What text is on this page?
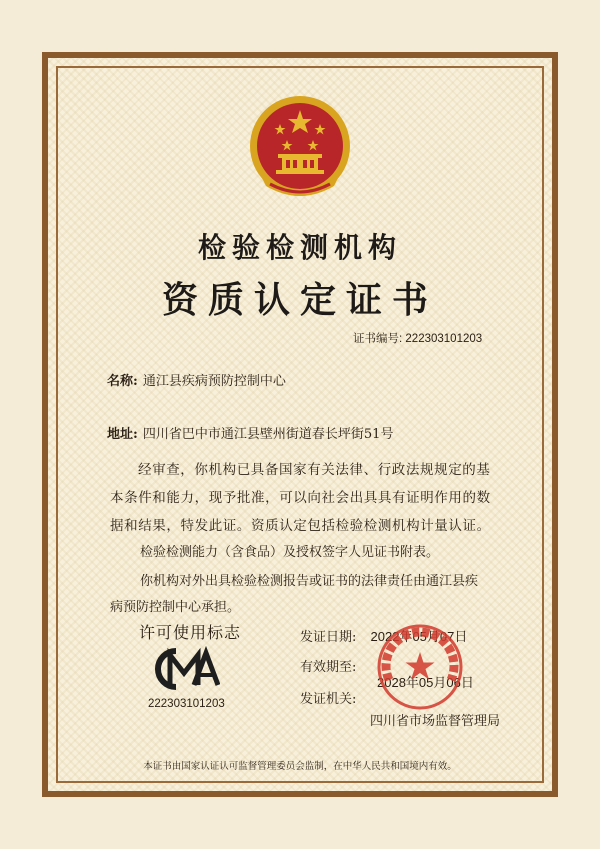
检验检测机构
资质认定证书
证书编号: 222303101203
名称: 通江县疾病预防控制中心
地址: 四川省巴中市通江县壁州街道春长坪街51号
经审查，你机构已具备国家有关法律、行政法规规定的基
本条件和能力，现予批准，可以向社会出具具有证明作用的数
据和结果，特发此证。资质认定包括检验检测机构计量认证。
检验检测能力（含食品）及授权签字人见证书附表。
你机构对外出具检验检测报告或证书的法律责任由通江县疾
病预防控制中心承担。
许可使用标志
222303101203
发证日期: 2022年05月07日
有效期至:
2028年05月06日
发证机关:
四川省市场监督管理局
本证书由国家认证认可监督管理委员会监制，在中华人民共和国境内有效。
